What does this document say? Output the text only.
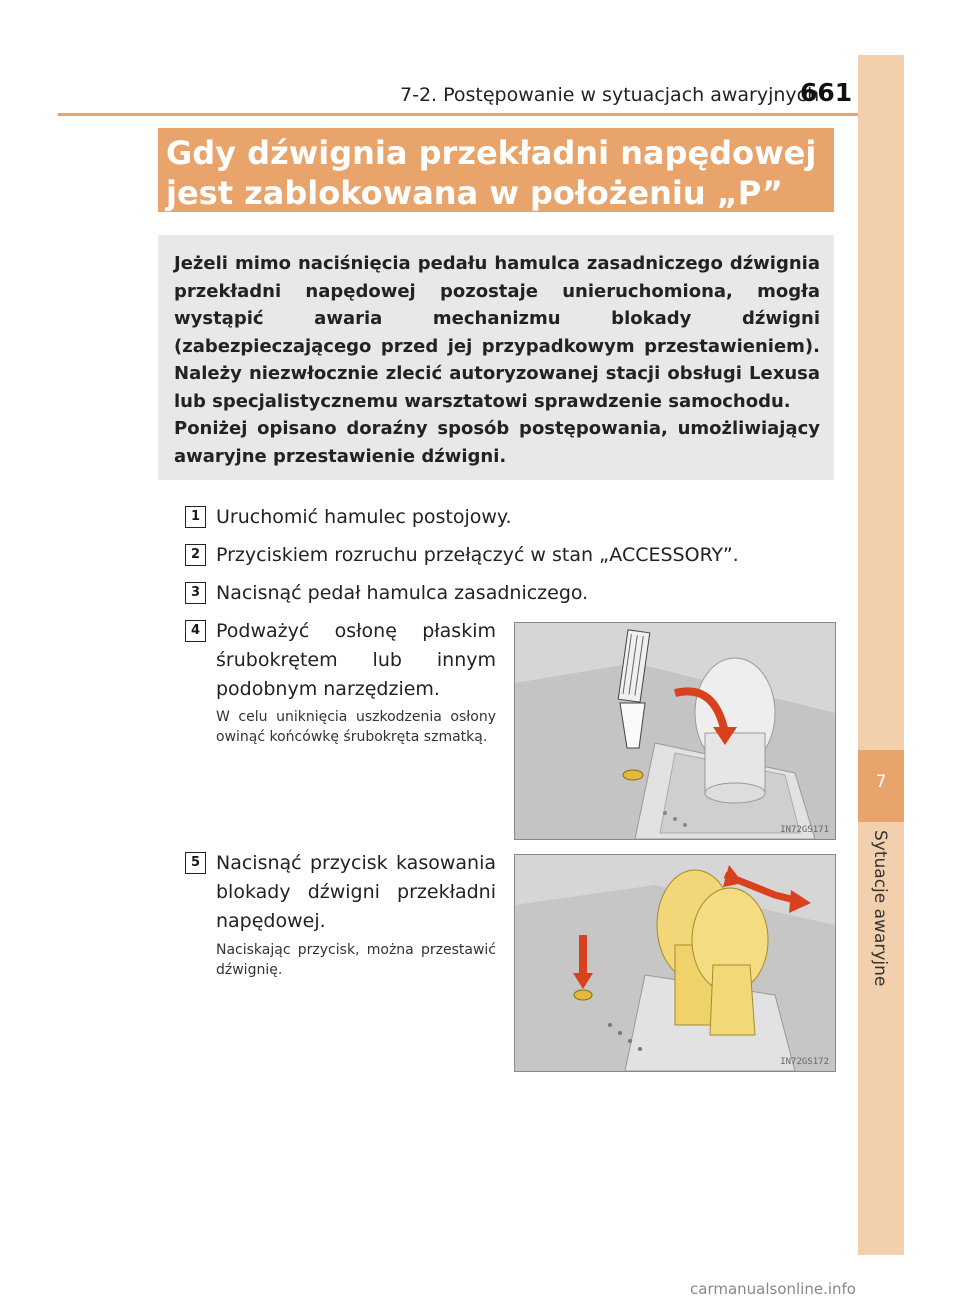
7
Sytuacje awaryjne
7-2. Postępowanie w sytuacjach awaryjnych
661
Gdy dźwignia przekładni napędowej jest zablokowana w położeniu „P”
Jeżeli mimo naciśnięcia pedału hamulca zasadniczego dźwignia przekładni napędowej pozostaje unieruchomiona, mogła wystąpić awaria mechanizmu blokady dźwigni (zabezpieczającego przed jej przypadkowym przestawieniem). Należy niezwłocznie zlecić autoryzowanej stacji obsługi Lexusa lub specjalistycznemu warsztatowi sprawdzenie samochodu.
Poniżej opisano doraźny sposób postępowania, umożliwiający awaryjne przestawienie dźwigni.
1 Uruchomić hamulec postojowy.

2 Przyciskiem rozruchu przełączyć w stan „ACCESSORY”.

3 Nacisnąć pedał hamulca zasadniczego.

4 Podważyć osłonę płaskim śrubokrętem lub innym podobnym narzędziem.

W celu uniknięcia uszkodzenia osłony owinąć końcówkę śrubokręta szmatką.

IN72GS171
5 Nacisnąć przycisk kasowania blokady dźwigni przekładni napędowej.

Naciskając przycisk, można przestawić dźwignię.

IN72GS172
carmanualsonline.info
